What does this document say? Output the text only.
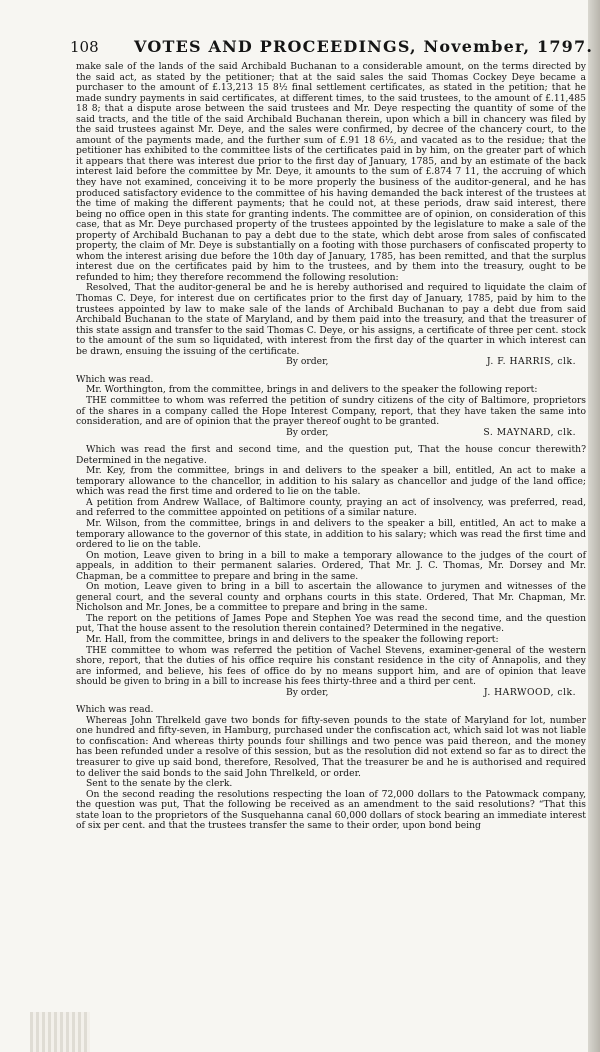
108 VOTES AND PROCEEDINGS, November, 1797.

make sale of the lands of the said Archibald Buchanan to a considerable amount, on the terms directed by the said act, as stated by the petitioner; that at the said sales the said Thomas Cockey Deye became a purchaser to the amount of £.13,213 15 8½ final settlement certificates, as stated in the petition; that he made sundry payments in said certificates, at different times, to the said trustees, to the amount of £.11,485 18 8; that a dispute arose between the said trustees and Mr. Deye respecting the quantity of some of the said tracts, and the title of the said Archibald Buchanan therein, upon which a bill in chancery was filed by the said trustees against Mr. Deye, and the sales were confirmed, by decree of the chancery court, to the amount of the payments made, and the further sum of £.91 18 6½, and vacated as to the residue; that the petitioner has exhibited to the committee lists of the certificates paid in by him, on the greater part of which it appears that there was interest due prior to the first day of January, 1785, and by an estimate of the back interest laid before the committee by Mr. Deye, it amounts to the sum of £.874 7 11, the accruing of which they have not examined, conceiving it to be more properly the business of the auditor-general, and he has produced satisfactory evidence to the committee of his having demanded the back interest of the trustees at the time of making the different payments; that he could not, at these periods, draw said interest, there being no office open in this state for granting indents. The committee are of opinion, on consideration of this case, that as Mr. Deye purchased property of the trustees appointed by the legislature to make a sale of the property of Archibald Buchanan to pay a debt due to the state, which debt arose from sales of confiscated property, the claim of Mr. Deye is substantially on a footing with those purchasers of confiscated property to whom the interest arising due before the 10th day of January, 1785, has been remitted, and that the surplus interest due on the certificates paid by him to the trustees, and by them into the treasury, ought to be refunded to him; they therefore recommend the following resolution:

Resolved, That the auditor-general be and he is hereby authorised and required to liquidate the claim of Thomas C. Deye, for interest due on certificates prior to the first day of January, 1785, paid by him to the trustees appointed by law to make sale of the lands of Archibald Buchanan to pay a debt due from said Archibald Buchanan to the state of Maryland, and by them paid into the treasury, and that the treasurer of this state assign and transfer to the said Thomas C. Deye, or his assigns, a certificate of three per cent. stock to the amount of the sum so liquidated, with interest from the first day of the quarter in which interest can be drawn, ensuing the issuing of the certificate.

By order,	J. F. HARRIS, clk.

Which was read.

Mr. Worthington, from the committee, brings in and delivers to the speaker the following report:

THE committee to whom was referred the petition of sundry citizens of the city of Baltimore, proprietors of the shares in a company called the Hope Interest Company, report, that they have taken the same into consideration, and are of opinion that the prayer thereof ought to be granted.

By order,	S. MAYNARD, clk.

Which was read the first and second time, and the question put, That the house concur therewith? Determined in the negative.

Mr. Key, from the committee, brings in and delivers to the speaker a bill, entitled, An act to make a temporary allowance to the chancellor, in addition to his salary as chancellor and judge of the land office; which was read the first time and ordered to lie on the table.

A petition from Andrew Wallace, of Baltimore county, praying an act of insolvency, was preferred, read, and referred to the committee appointed on petitions of a similar nature.

Mr. Wilson, from the committee, brings in and delivers to the speaker a bill, entitled, An act to make a temporary allowance to the governor of this state, in addition to his salary; which was read the first time and ordered to lie on the table.

On motion, Leave given to bring in a bill to make a temporary allowance to the judges of the court of appeals, in addition to their permanent salaries. Ordered, That Mr. J. C. Thomas, Mr. Dorsey and Mr. Chapman, be a committee to prepare and bring in the same.

On motion, Leave given to bring in a bill to ascertain the allowance to jurymen and witnesses of the general court, and the several county and orphans courts in this state. Ordered, That Mr. Chapman, Mr. Nicholson and Mr. Jones, be a committee to prepare and bring in the same.

The report on the petitions of James Pope and Stephen Yoe was read the second time, and the question put, That the house assent to the resolution therein contained? Determined in the negative.

Mr. Hall, from the committee, brings in and delivers to the speaker the following report:

THE committee to whom was referred the petition of Vachel Stevens, examiner-general of the western shore, report, that the duties of his office require his constant residence in the city of Annapolis, and they are informed, and believe, his fees of office do by no means support him, and are of opinion that leave should be given to bring in a bill to increase his fees thirty-three and a third per cent.

By order,	J. HARWOOD, clk.

Which was read.

Whereas John Threlkeld gave two bonds for fifty-seven pounds to the state of Maryland for lot, number one hundred and fifty-seven, in Hamburg, purchased under the confiscation act, which said lot was not liable to confiscation: And whereas thirty pounds four shillings and two pence was paid thereon, and the money has been refunded under a resolve of this session, but as the resolution did not extend so far as to direct the treasurer to give up said bond, therefore, Resolved, That the treasurer be and he is authorised and required to deliver the said bonds to the said John Threlkeld, or order.

Sent to the senate by the clerk.

On the second reading the resolutions respecting the loan of 72,000 dollars to the Patowmack company, the question was put, That the following be received as an amendment to the said resolutions? “That this state loan to the proprietors of the Susquehanna canal 60,000 dollars of stock bearing an immediate interest of six per cent. and that the trustees transfer the same to their order, upon bond being
